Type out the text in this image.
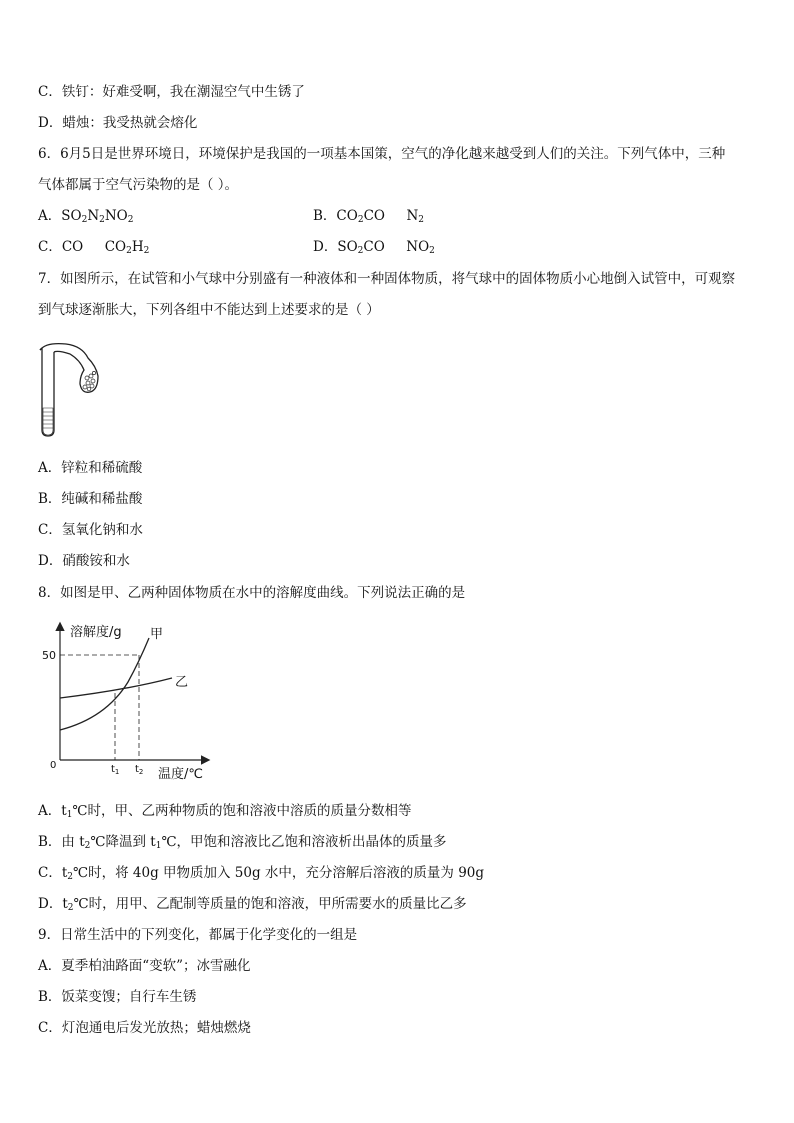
C．铁钉：好难受啊，我在潮湿空气中生锈了
D．蜡烛：我受热就会熔化
6．6月5日是世界环境日，环境保护是我国的一项基本国策，空气的净化越来越受到人们的关注。下列气体中，三种
气体都属于空气污染物的是（ ）。
A．$SO_2N_2NO_2$	B．$CO_2CO$ $N_2$
C．CO $CO_2H_2$	D．$SO_2CO$ $NO_2$
7．如图所示，在试管和小气球中分别盛有一种液体和一种固体物质，将气球中的固体物质小心地倒入试管中，可观察
到气球逐渐胀大，下列各组中不能达到上述要求的是（ ）
A．锌粒和稀硫酸
B．纯碱和稀盐酸
C．氢氧化钠和水
D．硝酸铵和水
8．如图是甲、乙两种固体物质在水中的溶解度曲线。下列说法正确的是
溶解度/g
温度/℃
0
50
甲
乙
$t_1$ $t_2$
A．$t_1℃$时，甲、乙两种物质的饱和溶液中溶质的质量分数相等
B．由 $t_2℃$降温到 $t_1℃$，甲饱和溶液比乙饱和溶液析出晶体的质量多
C．$t_2℃$时，将 40g 甲物质加入 50g 水中，充分溶解后溶液的质量为 90g
D．$t_2℃$时，用甲、乙配制等质量的饱和溶液，甲所需要水的质量比乙多
9．日常生活中的下列变化，都属于化学变化的一组是
A．夏季柏油路面“变软”；冰雪融化
B．饭菜变馊；自行车生锈
C．灯泡通电后发光放热；蜡烛燃烧
